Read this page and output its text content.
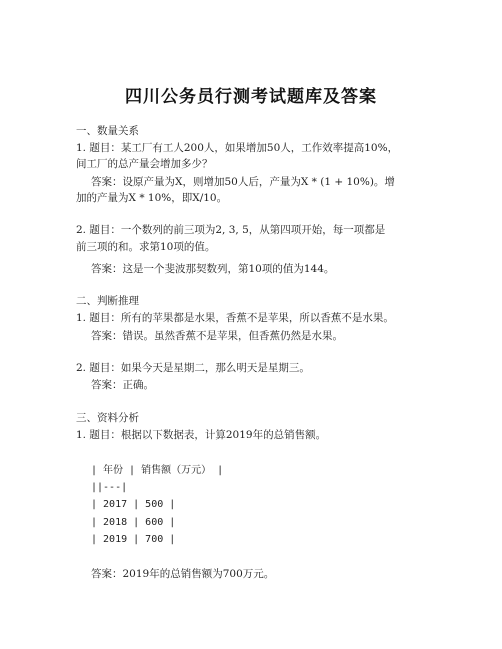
四川公务员行测考试题库及答案
一、数量关系
1. 题目：某工厂有工人200人，如果增加50人，工作效率提高10%，
间工厂的总产量会增加多少？
答案：设原产量为X，则增加50人后，产量为X * (1 + 10%)。增
加的产量为X * 10%，即X/10。
2. 题目：一个数列的前三项为2, 3, 5，从第四项开始，每一项都是
前三项的和。求第10项的值。
答案：这是一个斐波那契数列，第10项的值为144。
二、判断推理
1. 题目：所有的苹果都是水果，香蕉不是苹果，所以香蕉不是水果。
答案：错误。虽然香蕉不是苹果，但香蕉仍然是水果。
2. 题目：如果今天是星期二，那么明天是星期三。
答案：正确。
三、资料分析
1. 题目：根据以下数据表，计算2019年的总销售额。
| 年份 | 销售额（万元） |
||---|
| 2017 | 500 |
| 2018 | 600 |
| 2019 | 700 |
答案：2019年的总销售额为700万元。
